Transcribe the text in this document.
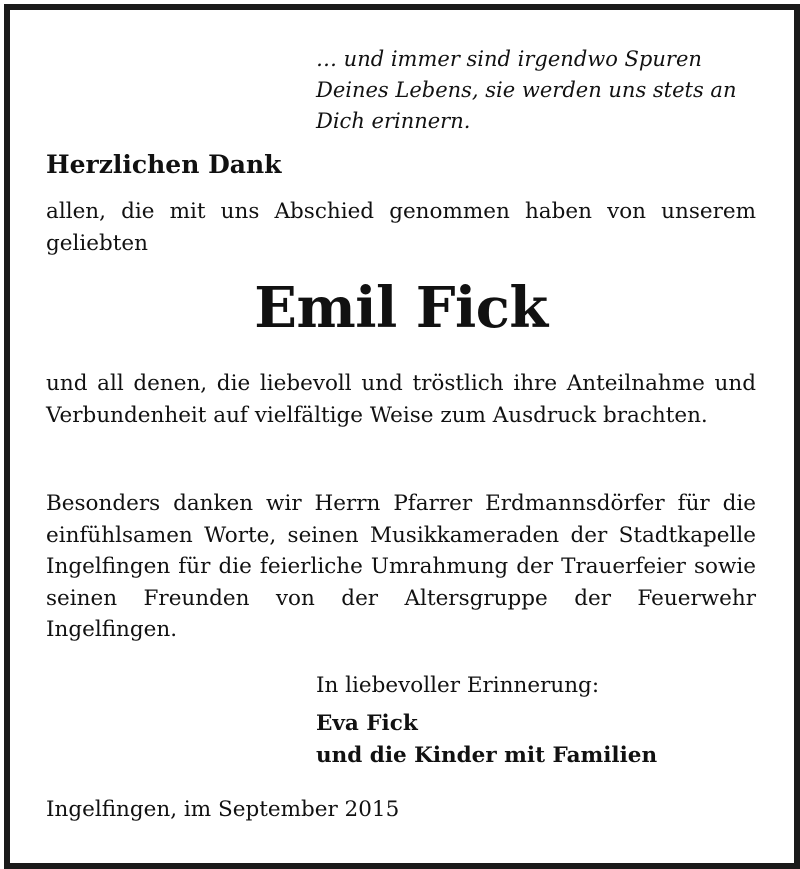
… und immer sind irgendwo Spuren
Deines Lebens, sie werden uns stets an
Dich erinnern.

Herzlichen Dank

allen, die mit uns Abschied genommen haben von unserem geliebten

Emil Fick

und all denen, die liebevoll und tröstlich ihre Anteilnahme und Verbundenheit auf vielfältige Weise zum Ausdruck brachten.

Besonders danken wir Herrn Pfarrer Erdmannsdörfer für die einfühlsamen Worte, seinen Musikkameraden der Stadtkapelle Ingelfingen für die feierliche Umrahmung der Trauerfeier sowie seinen Freunden von der Altersgruppe der Feuerwehr Ingelfingen.

In liebevoller Erinnerung:

Eva Fick
und die Kinder mit Familien

Ingelfingen, im September 2015
